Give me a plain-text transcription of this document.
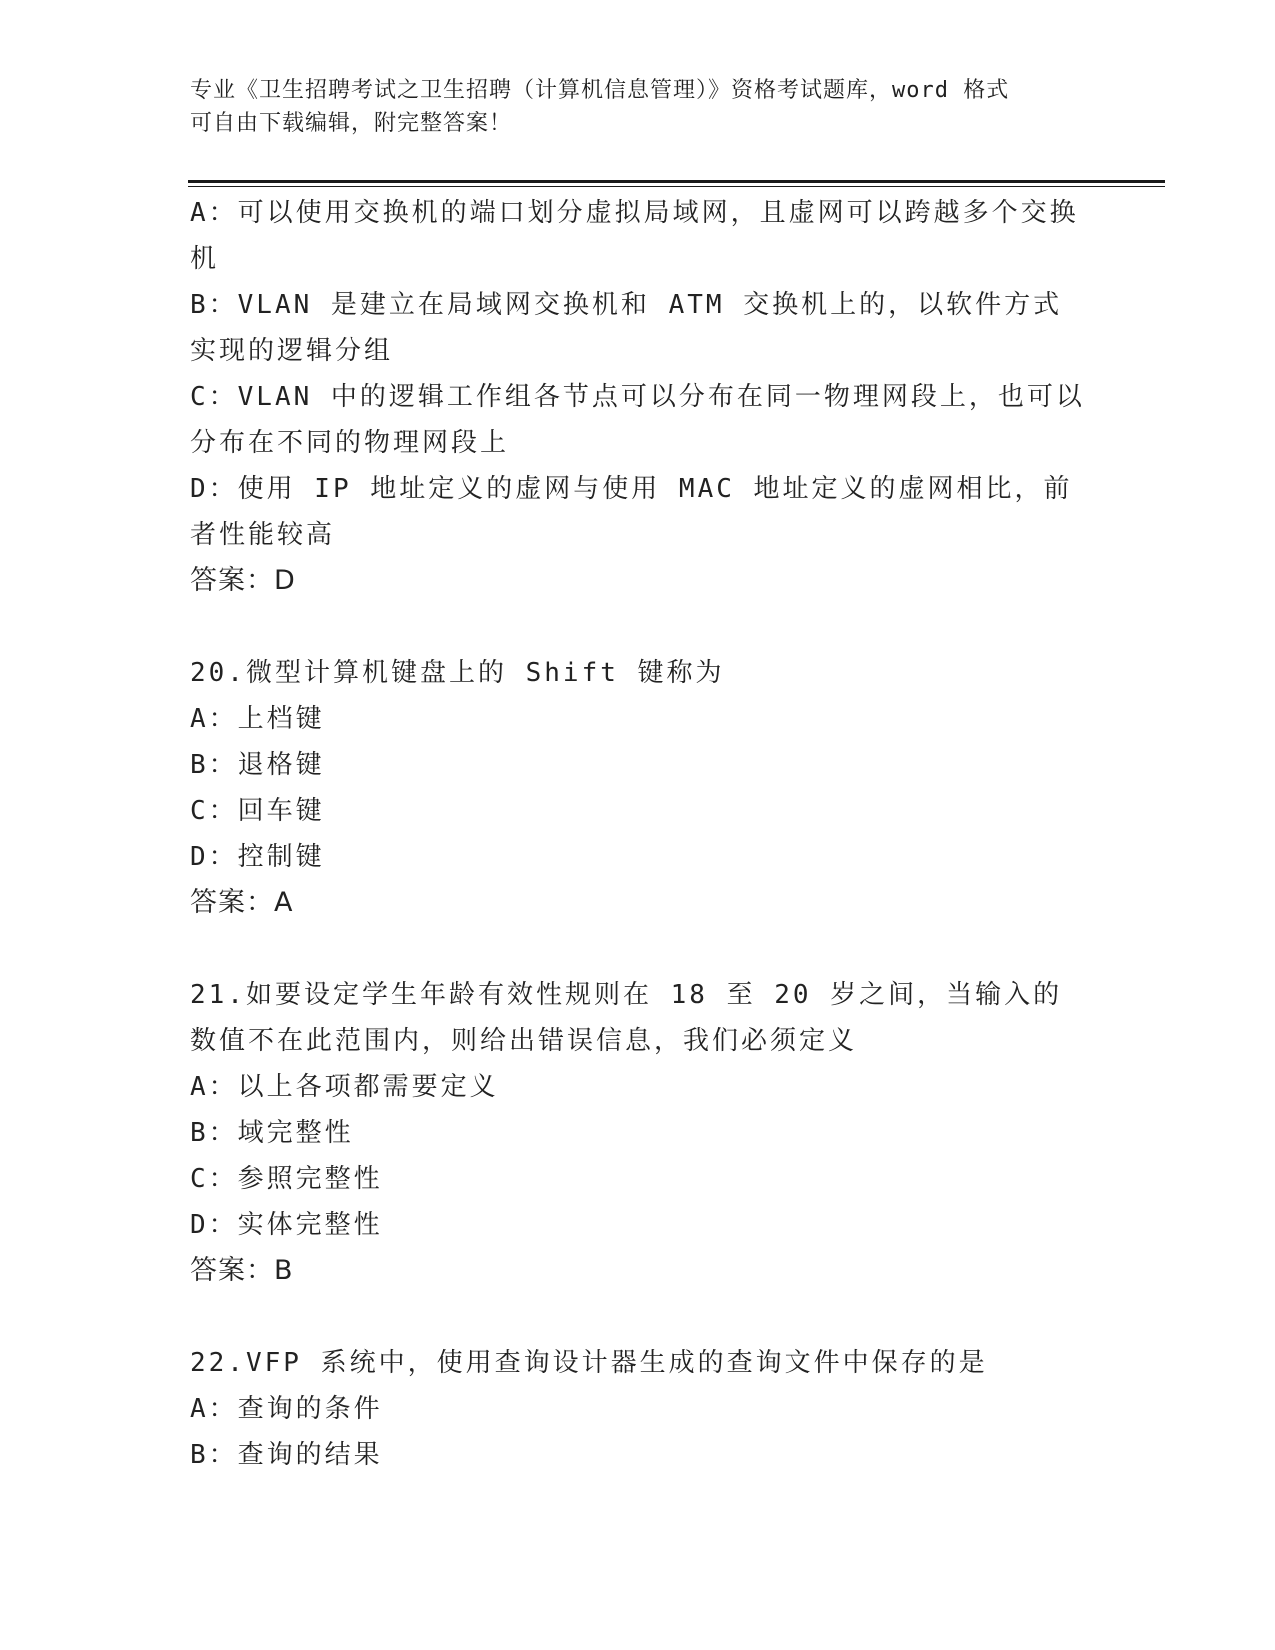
专业《卫生招聘考试之卫生招聘（计算机信息管理）》资格考试题库，word 格式
可自由下载编辑，附完整答案！
A：可以使用交换机的端口划分虚拟局域网，且虚网可以跨越多个交换机
B：VLAN 是建立在局域网交换机和 ATM 交换机上的，以软件方式实现的逻辑分组
C：VLAN 中的逻辑工作组各节点可以分布在同一物理网段上，也可以分布在不同的物理网段上
D：使用 IP 地址定义的虚网与使用 MAC 地址定义的虚网相比，前者性能较高
答案：D
20.微型计算机键盘上的 Shift 键称为
A：上档键
B：退格键
C：回车键
D：控制键
答案：A
21.如要设定学生年龄有效性规则在 18 至 20 岁之间，当输入的数值不在此范围内，则给出错误信息，我们必须定义
A：以上各项都需要定义
B：域完整性
C：参照完整性
D：实体完整性
答案：B
22.VFP 系统中，使用查询设计器生成的查询文件中保存的是
A：查询的条件
B：查询的结果
